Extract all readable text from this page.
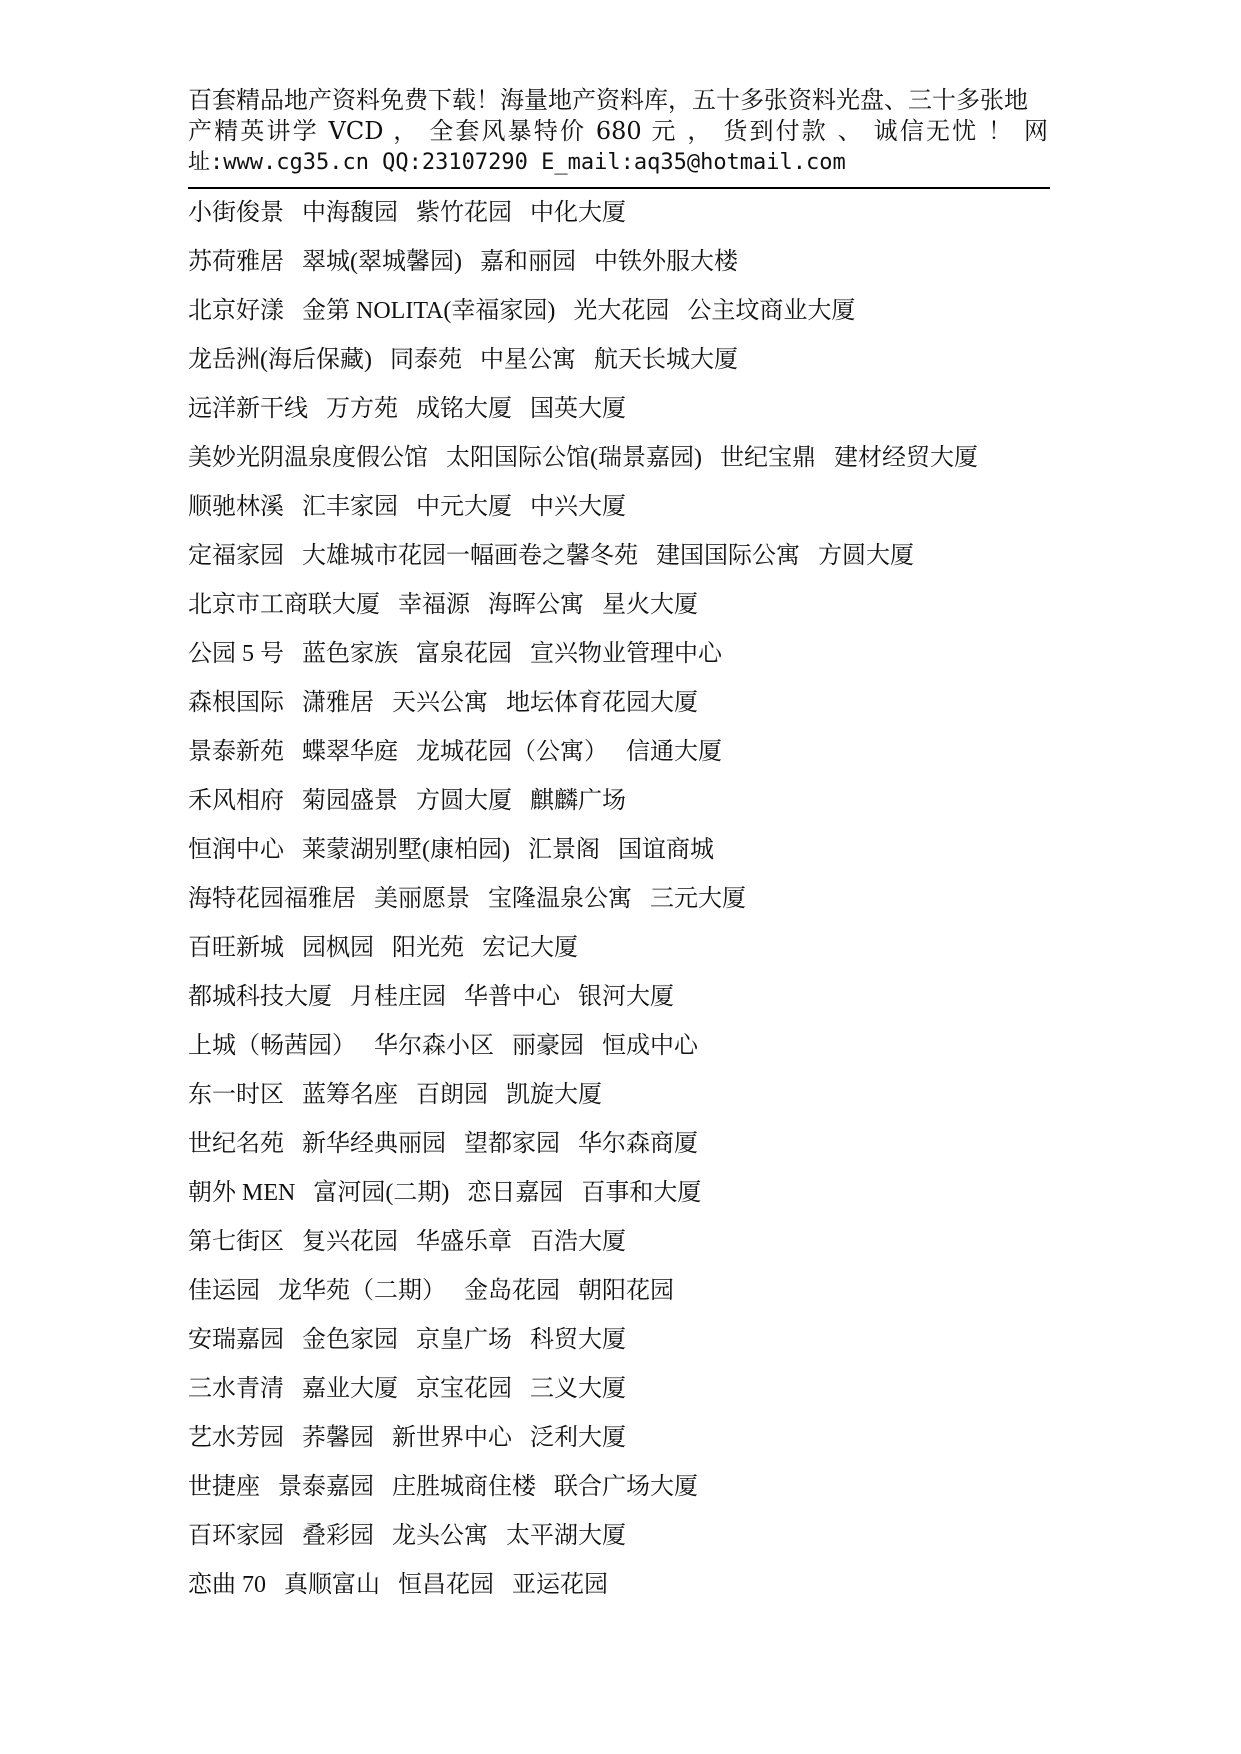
百套精品地产资料免费下载！海量地产资料库，五十多张资料光盘、三十多张地
产精英讲学 VCD ， 全套风暴特价 680 元 ， 货到付款 、 诚信无忧 ！ 网
址:www.cg35.cn QQ:23107290 E_mail:aq35@hotmail.com
小街俊景   中海馥园   紫竹花园   中化大厦
苏荷雅居   翠城(翠城馨园)   嘉和丽园   中铁外服大楼
北京好漾   金第 NOLITA(幸福家园)   光大花园   公主坟商业大厦
龙岳洲(海后保藏)   同泰苑   中星公寓   航天长城大厦
远洋新干线   万方苑   成铭大厦   国英大厦
美妙光阴温泉度假公馆   太阳国际公馆(瑞景嘉园)   世纪宝鼎   建材经贸大厦
顺驰林溪   汇丰家园   中元大厦   中兴大厦
定福家园   大雄城市花园一幅画卷之馨冬苑   建国国际公寓   方圆大厦
北京市工商联大厦   幸福源   海晖公寓   星火大厦
公园 5 号   蓝色家族   富泉花园   宣兴物业管理中心
森根国际   潇雅居   天兴公寓   地坛体育花园大厦
景泰新苑   蝶翠华庭   龙城花园（公寓）   信通大厦
禾风相府   菊园盛景   方圆大厦   麒麟广场
恒润中心   莱蒙湖别墅(康柏园)   汇景阁   国谊商城
海特花园福雅居   美丽愿景   宝隆温泉公寓   三元大厦
百旺新城   园枫园   阳光苑   宏记大厦
都城科技大厦   月桂庄园   华普中心   银河大厦
上城（畅茜园）   华尔森小区   丽豪园   恒成中心
东一时区   蓝筹名座   百朗园   凯旋大厦
世纪名苑   新华经典丽园   望都家园   华尔森商厦
朝外 MEN   富河园(二期)   恋日嘉园   百事和大厦
第七街区   复兴花园   华盛乐章   百浩大厦
佳运园   龙华苑（二期）   金岛花园   朝阳花园
安瑞嘉园   金色家园   京皇广场   科贸大厦
三水青清   嘉业大厦   京宝花园   三义大厦
艺水芳园   荞馨园   新世界中心   泛利大厦
世捷座   景泰嘉园   庄胜城商住楼   联合广场大厦
百环家园   叠彩园   龙头公寓   太平湖大厦
恋曲 70   真顺富山   恒昌花园   亚运花园
